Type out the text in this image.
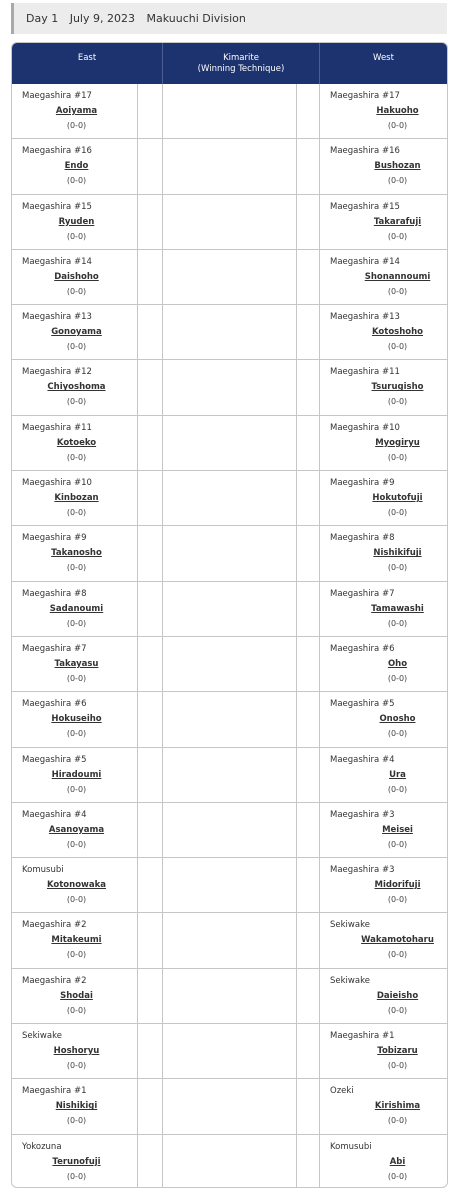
Day 1 July 9, 2023 Makuuchi Division
East	Kimarite
(Winning Technique)
West
Maegashira #17
Aoiyama
(0-0)
Maegashira #17
Hakuoho
(0-0)
Maegashira #16
Endo
(0-0)
Maegashira #16
Bushozan
(0-0)
Maegashira #15
Ryuden
(0-0)
Maegashira #15
Takarafuji
(0-0)
Maegashira #14
Daishoho
(0-0)
Maegashira #14
Shonannoumi
(0-0)
Maegashira #13
Gonoyama
(0-0)
Maegashira #13
Kotoshoho
(0-0)
Maegashira #12
Chiyoshoma
(0-0)
Maegashira #11
Tsurugisho
(0-0)
Maegashira #11
Kotoeko
(0-0)
Maegashira #10
Myogiryu
(0-0)
Maegashira #10
Kinbozan
(0-0)
Maegashira #9
Hokutofuji
(0-0)
Maegashira #9
Takanosho
(0-0)
Maegashira #8
Nishikifuji
(0-0)
Maegashira #8
Sadanoumi
(0-0)
Maegashira #7
Tamawashi
(0-0)
Maegashira #7
Takayasu
(0-0)
Maegashira #6
Oho
(0-0)
Maegashira #6
Hokuseiho
(0-0)
Maegashira #5
Onosho
(0-0)
Maegashira #5
Hiradoumi
(0-0)
Maegashira #4
Ura
(0-0)
Maegashira #4
Asanoyama
(0-0)
Maegashira #3
Meisei
(0-0)
Komusubi
Kotonowaka
(0-0)
Maegashira #3
Midorifuji
(0-0)
Maegashira #2
Mitakeumi
(0-0)
Sekiwake
Wakamotoharu
(0-0)
Maegashira #2
Shodai
(0-0)
Sekiwake
Daieisho
(0-0)
Sekiwake
Hoshoryu
(0-0)
Maegashira #1
Tobizaru
(0-0)
Maegashira #1
Nishikigi
(0-0)
Ozeki
Kirishima
(0-0)
Yokozuna
Terunofuji
(0-0)
Komusubi
Abi
(0-0)
